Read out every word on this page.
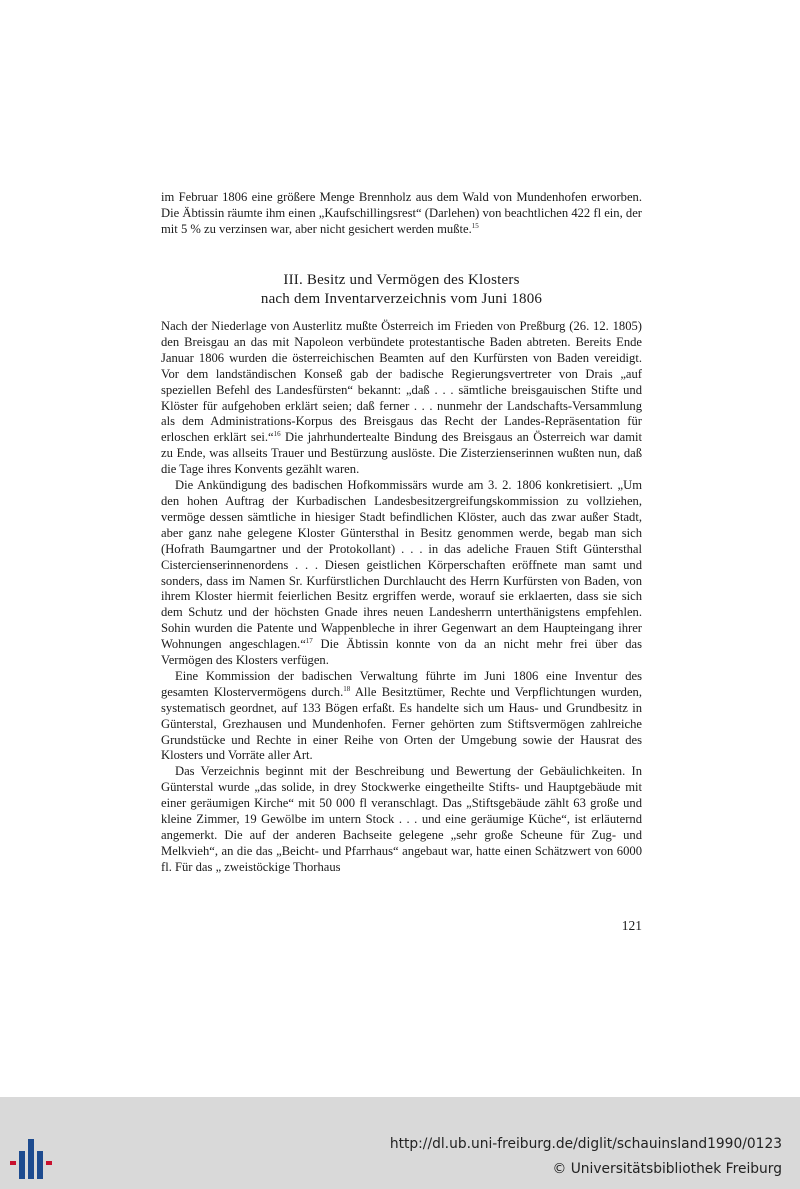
im Februar 1806 eine größere Menge Brennholz aus dem Wald von Mundenhofen erworben. Die Äbtissin räumte ihm einen „Kaufschillingsrest“ (Darlehen) von beachtlichen 422 fl ein, der mit 5 % zu verzinsen war, aber nicht gesichert werden mußte.$^{15}$

III. Besitz und Vermögen des Klosters
nach dem Inventarverzeichnis vom Juni 1806

Nach der Niederlage von Austerlitz mußte Österreich im Frieden von Preßburg (26. 12. 1805) den Breisgau an das mit Napoleon verbündete protestantische Baden abtreten. Bereits Ende Januar 1806 wurden die österreichischen Beamten auf den Kurfürsten von Baden vereidigt. Vor dem landständischen Konseß gab der badische Regierungsvertreter von Drais „auf speziellen Befehl des Landesfürsten“ bekannt: „daß . . . sämtliche breisgauischen Stifte und Klöster für aufgehoben erklärt seien; daß ferner . . . nunmehr der Landschafts-Versammlung als dem Administrations-Korpus des Breisgaus das Recht der Landes-Repräsentation für erloschen erklärt sei.“$^{16}$ Die jahrhundertealte Bindung des Breisgaus an Österreich war damit zu Ende, was allseits Trauer und Bestürzung auslöste. Die Zisterzienserinnen wußten nun, daß die Tage ihres Konvents gezählt waren.

Die Ankündigung des badischen Hofkommissärs wurde am 3. 2. 1806 konkretisiert. „Um den hohen Auftrag der Kurbadischen Landesbesitzergreifungskommission zu vollziehen, vermöge dessen sämtliche in hiesiger Stadt befindlichen Klöster, auch das zwar außer Stadt, aber ganz nahe gelegene Kloster Güntersthal in Besitz genommen werde, begab man sich (Hofrath Baumgartner und der Protokollant) . . . in das adeliche Frauen Stift Güntersthal Cistercienserinnenordens . . . Diesen geistlichen Körperschaften eröffnete man samt und sonders, dass im Namen Sr. Kurfürstlichen Durchlaucht des Herrn Kurfürsten von Baden, von ihrem Kloster hiermit feierlichen Besitz ergriffen werde, worauf sie erklaerten, dass sie sich dem Schutz und der höchsten Gnade ihres neuen Landesherrn unterthänigstens empfehlen. Sohin wurden die Patente und Wappenbleche in ihrer Gegenwart an dem Haupteingang ihrer Wohnungen angeschlagen.“$^{17}$ Die Äbtissin konnte von da an nicht mehr frei über das Vermögen des Klosters verfügen.

Eine Kommission der badischen Verwaltung führte im Juni 1806 eine Inventur des gesamten Klostervermögens durch.$^{18}$ Alle Besitztümer, Rechte und Verpflichtungen wurden, systematisch geordnet, auf 133 Bögen erfaßt. Es handelte sich um Haus- und Grundbesitz in Günterstal, Grezhausen und Mundenhofen. Ferner gehörten zum Stiftsvermögen zahlreiche Grundstücke und Rechte in einer Reihe von Orten der Umgebung sowie der Hausrat des Klosters und Vorräte aller Art.

Das Verzeichnis beginnt mit der Beschreibung und Bewertung der Gebäulichkeiten. In Günterstal wurde „das solide, in drey Stockwerke eingetheilte Stifts- und Hauptgebäude mit einer geräumigen Kirche“ mit 50 000 fl veranschlagt. Das „Stiftsgebäude zählt 63 große und kleine Zimmer, 19 Gewölbe im untern Stock . . . und eine geräumige Küche“, ist erläuternd angemerkt. Die auf der anderen Bachseite gelegene „sehr große Scheune für Zug- und Melkvieh“, an die das „Beicht- und Pfarrhaus“ angebaut war, hatte einen Schätzwert von 6000 fl. Für das „ zweistöckige Thorhaus

121
http://dl.ub.uni-freiburg.de/diglit/schauinsland1990/0123
© Universitätsbibliothek Freiburg
